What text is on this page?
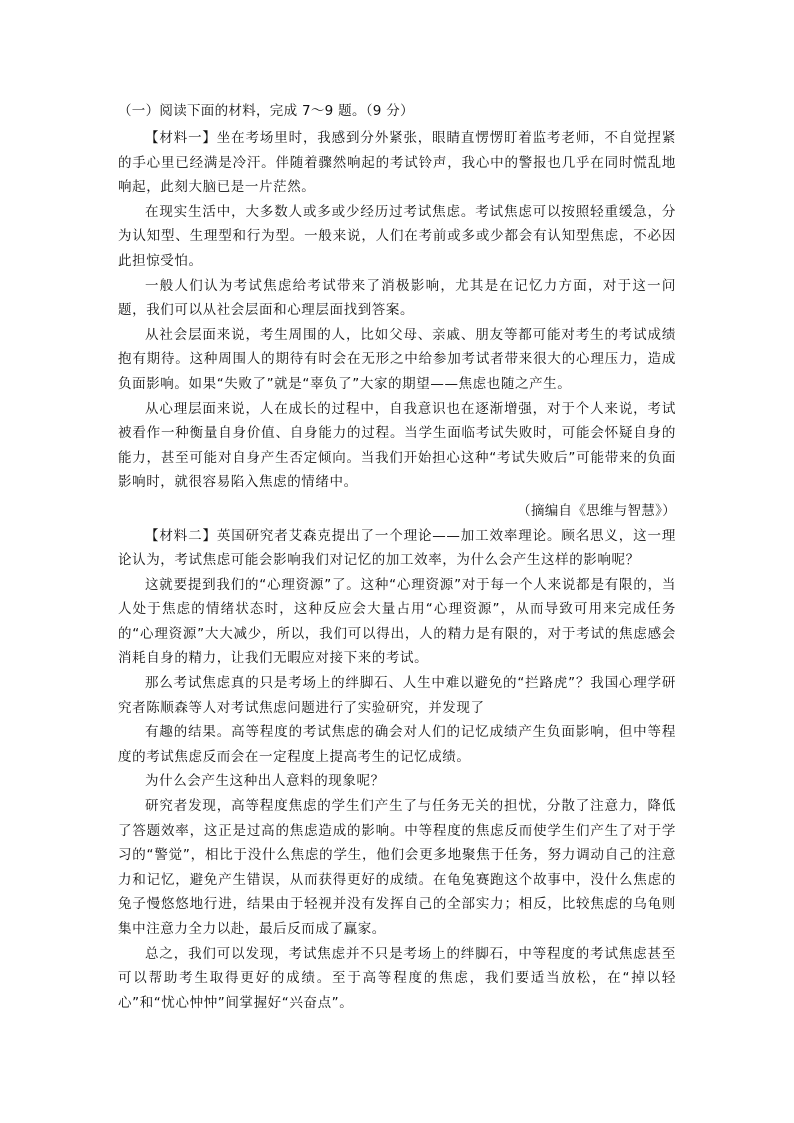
（一）阅读下面的材料，完成 7～9 题。（9 分）

【材料一】坐在考场里时，我感到分外紧张，眼睛直愣愣盯着监考老师，不自觉捏紧的手心里已经满是冷汗。伴随着骤然响起的考试铃声，我心中的警报也几乎在同时慌乱地响起，此刻大脑已是一片茫然。

在现实生活中，大多数人或多或少经历过考试焦虑。考试焦虑可以按照轻重缓急，分为认知型、生理型和行为型。一般来说，人们在考前或多或少都会有认知型焦虑，不必因此担惊受怕。

一般人们认为考试焦虑给考试带来了消极影响，尤其是在记忆力方面，对于这一问题，我们可以从社会层面和心理层面找到答案。

从社会层面来说，考生周围的人，比如父母、亲戚、朋友等都可能对考生的考试成绩抱有期待。这种周围人的期待有时会在无形之中给参加考试者带来很大的心理压力，造成负面影响。如果“失败了”就是“辜负了”大家的期望——焦虑也随之产生。

从心理层面来说，人在成长的过程中，自我意识也在逐渐增强，对于个人来说，考试被看作一种衡量自身价值、自身能力的过程。当学生面临考试失败时，可能会怀疑自身的能力，甚至可能对自身产生否定倾向。当我们开始担心这种“考试失败后”可能带来的负面影响时，就很容易陷入焦虑的情绪中。

（摘编自《思维与智慧》）

【材料二】英国研究者艾森克提出了一个理论——加工效率理论。顾名思义，这一理论认为，考试焦虑可能会影响我们对记忆的加工效率，为什么会产生这样的影响呢？

这就要提到我们的“心理资源”了。这种“心理资源”对于每一个人来说都是有限的，当人处于焦虑的情绪状态时，这种反应会大量占用“心理资源”，从而导致可用来完成任务的“心理资源”大大减少，所以，我们可以得出，人的精力是有限的，对于考试的焦虑感会消耗自身的精力，让我们无暇应对接下来的考试。

那么考试焦虑真的只是考场上的绊脚石、人生中难以避免的“拦路虎”？我国心理学研究者陈顺森等人对考试焦虑问题进行了实验研究，并发现了

有趣的结果。高等程度的考试焦虑的确会对人们的记忆成绩产生负面影响，但中等程度的考试焦虑反而会在一定程度上提高考生的记忆成绩。

为什么会产生这种出人意料的现象呢？

研究者发现，高等程度焦虑的学生们产生了与任务无关的担忧，分散了注意力，降低了答题效率，这正是过高的焦虑造成的影响。中等程度的焦虑反而使学生们产生了对于学习的“警觉”，相比于没什么焦虑的学生，他们会更多地聚焦于任务，努力调动自己的注意力和记忆，避免产生错误，从而获得更好的成绩。在龟兔赛跑这个故事中，没什么焦虑的兔子慢悠悠地行进，结果由于轻视并没有发挥自己的全部实力；相反，比较焦虑的乌龟则集中注意力全力以赴，最后反而成了赢家。

总之，我们可以发现，考试焦虑并不只是考场上的绊脚石，中等程度的考试焦虑甚至可以帮助考生取得更好的成绩。至于高等程度的焦虑，我们要适当放松，在“掉以轻心”和“忧心忡忡”间掌握好“兴奋点”。
